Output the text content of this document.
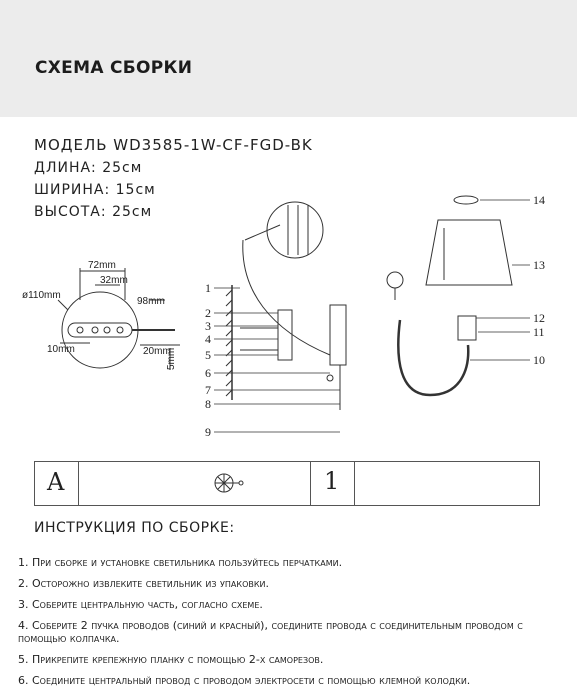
СХЕМА СБОРКИ
МОДЕЛЬ WD3585-1W-CF-FGD-BK
ДЛИНА: 25см
ШИРИНА: 15см
ВЫСОТА: 25см
72mm
32mm
98mm
ø110mm
10mm	20mm
5mm
1
2
3
4
5
6
7
8
9
10
11
12
13
14
A	1
ИНСТРУКЦИЯ ПО СБОРКЕ:
1. При сборке и установке светильника пользуйтесь перчатками.
2. Осторожно извлеките светильник из упаковки.
3. Соберите центральную часть, согласно схеме.
4. Соберите 2 пучка проводов (синий и красный), соедините провода с соединительным проводом с помощью колпачка.
5. Прикрепите крепежную планку с помощью 2-х саморезов.
6. Соедините центральный провод с проводом электросети с помощью клемной колодки.
